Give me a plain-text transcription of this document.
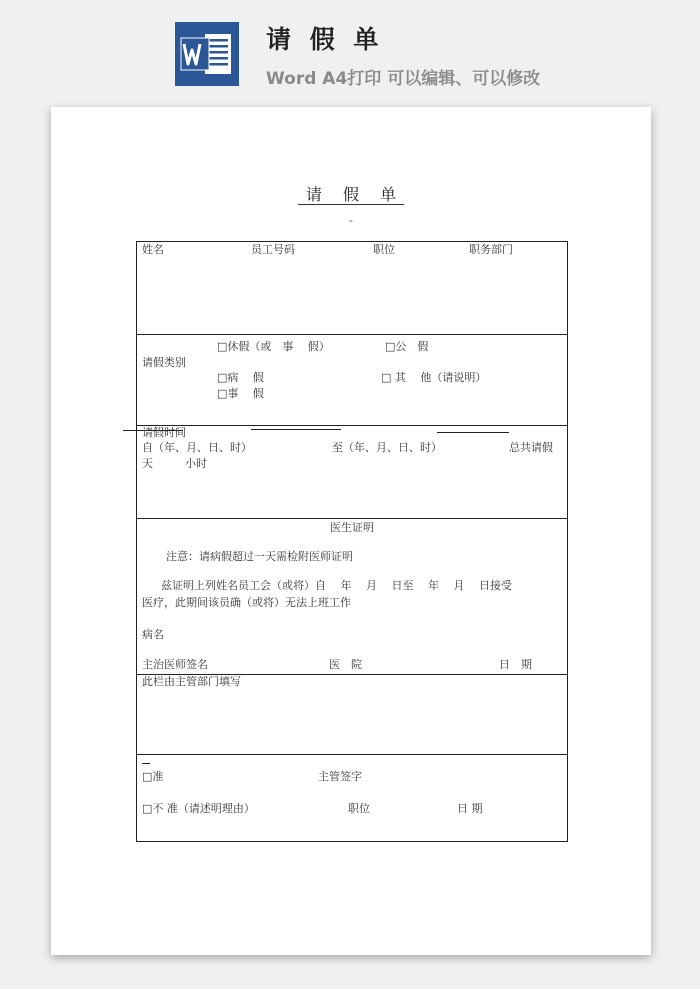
请 假 单
Word A4打印 可以编辑、可以修改
请 假 单
-
姓名	员工号码	职位	职务部门
□休假（或　事　 假）	□公　假
请假类别
□病　 假	□ 其　 他（请说明）
□事　 假
请假时间
自（年、月、日、时）	至（年、月、日、时）	总共请假
天	小时
医生证明
注意：请病假超过一天需检附医师证明
兹证明上列姓名员工会（或将）自　 年　 月　 日至　 年　 月　 日接受
医疗，此期间该员确（或将）无法上班工作
病名
主治医师签名	医　院	日　期
此栏由主管部门填写
□准	主管签字
□不 准（请述明理由）	职位	日 期
